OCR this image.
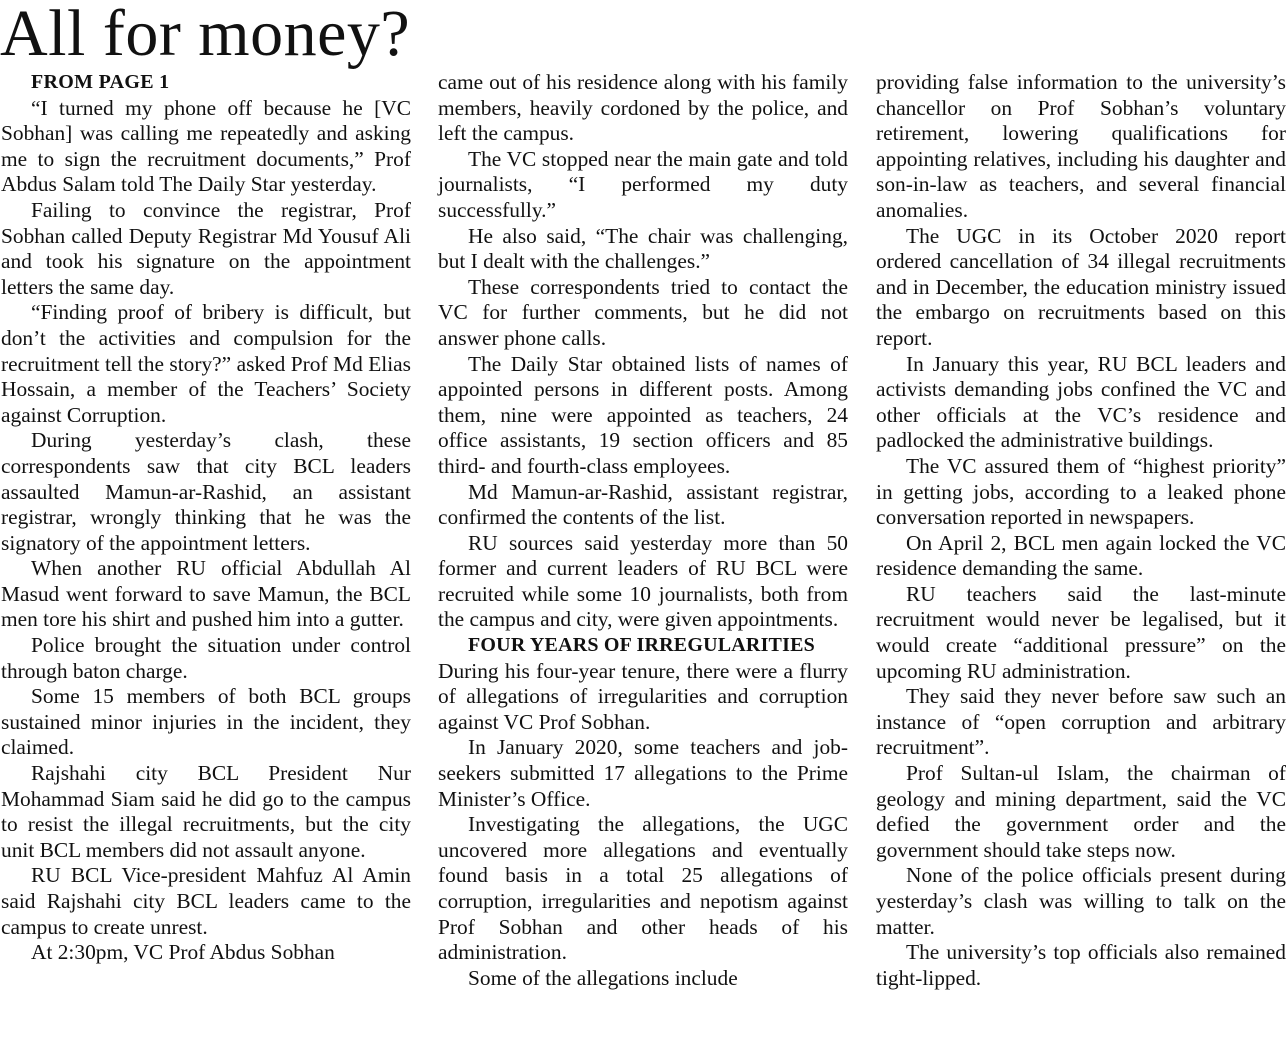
All for money?

FROM PAGE 1

“I turned my phone off because he [VC Sobhan] was calling me repeatedly and asking me to sign the recruitment documents,” Prof Abdus Salam told The Daily Star yesterday.

Failing to convince the registrar, Prof Sobhan called Deputy Registrar Md Yousuf Ali and took his signature on the appointment letters the same day.

“Finding proof of bribery is difficult, but don’t the activities and compulsion for the recruitment tell the story?” asked Prof Md Elias Hossain, a member of the Teachers’ Society against Corruption.

During yesterday’s clash, these correspondents saw that city BCL leaders assaulted Mamun-ar-Rashid, an assistant registrar, wrongly thinking that he was the signatory of the appointment letters.

When another RU official Abdullah Al Masud went forward to save Mamun, the BCL men tore his shirt and pushed him into a gutter.

Police brought the situation under control through baton charge.

Some 15 members of both BCL groups sustained minor injuries in the incident, they claimed.

Rajshahi city BCL President Nur Mohammad Siam said he did go to the campus to resist the illegal recruitments, but the city unit BCL members did not assault anyone.

RU BCL Vice-president Mahfuz Al Amin said Rajshahi city BCL leaders came to the campus to create unrest.

At 2:30pm, VC Prof Abdus Sobhan

came out of his residence along with his family members, heavily cordoned by the police, and left the campus.

The VC stopped near the main gate and told journalists, “I performed my duty successfully.”

He also said, “The chair was challenging, but I dealt with the challenges.”

These correspondents tried to contact the VC for further comments, but he did not answer phone calls.

The Daily Star obtained lists of names of appointed persons in different posts. Among them, nine were appointed as teachers, 24 office assistants, 19 section officers and 85 third- and fourth-class employees.

Md Mamun-ar-Rashid, assistant registrar, confirmed the contents of the list.

RU sources said yesterday more than 50 former and current leaders of RU BCL were recruited while some 10 journalists, both from the campus and city, were given appointments.

FOUR YEARS OF IRREGULARITIES

During his four-year tenure, there were a flurry of allegations of irregularities and corruption against VC Prof Sobhan.

In January 2020, some teachers and job-seekers submitted 17 allegations to the Prime Minister’s Office.

Investigating the allegations, the UGC uncovered more allegations and eventually found basis in a total 25 allegations of corruption, irregularities and nepotism against Prof Sobhan and other heads of his administration.

Some of the allegations include

providing false information to the university’s chancellor on Prof Sobhan’s voluntary retirement, lowering qualifications for appointing relatives, including his daughter and son-in-law as teachers, and several financial anomalies.

The UGC in its October 2020 report ordered cancellation of 34 illegal recruitments and in December, the education ministry issued the embargo on recruitments based on this report.

In January this year, RU BCL leaders and activists demanding jobs confined the VC and other officials at the VC’s residence and padlocked the administrative buildings.

The VC assured them of “highest priority” in getting jobs, according to a leaked phone conversation reported in newspapers.

On April 2, BCL men again locked the VC residence demanding the same.

RU teachers said the last-minute recruitment would never be legalised, but it would create “additional pressure” on the upcoming RU administration.

They said they never before saw such an instance of “open corruption and arbitrary recruitment”.

Prof Sultan-ul Islam, the chairman of geology and mining department, said the VC defied the government order and the government should take steps now.

None of the police officials present during yesterday’s clash was willing to talk on the matter.

The university’s top officials also remained tight-lipped.
